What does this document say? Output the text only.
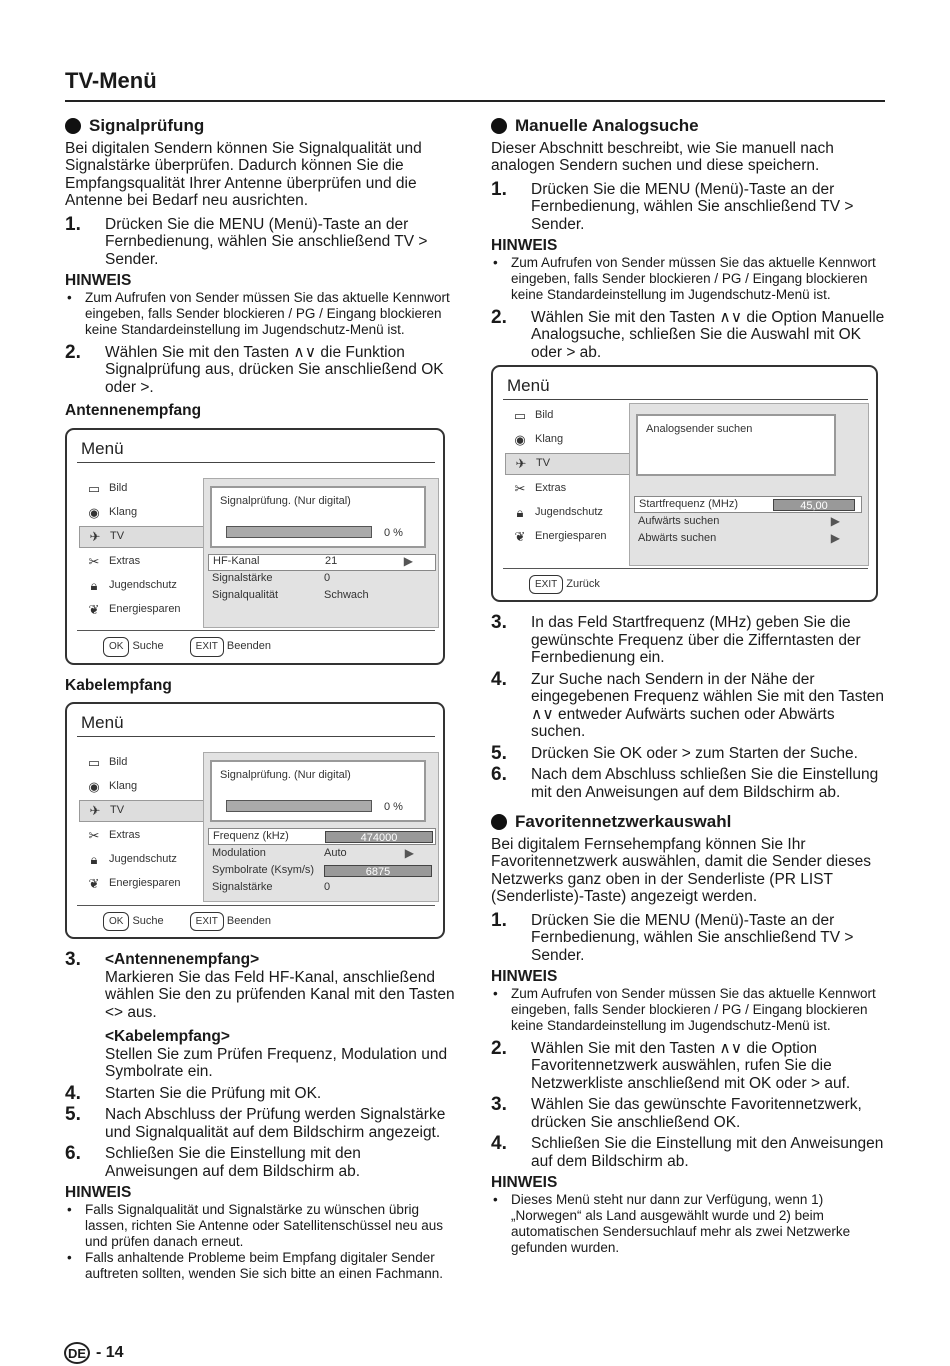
TV-Menü
Signalprüfung
Bei digitalen Sendern können Sie Signalqualität und Signalstärke überprüfen. Dadurch können Sie die Empfangsqualität Ihrer Antenne überprüfen und die Antenne bei Bedarf neu ausrichten.
1.	Drücken Sie die MENU (Menü)-Taste an der Fernbedienung, wählen Sie anschließend TV > Sender.
HINWEIS
• Zum Aufrufen von Sender müssen Sie das aktuelle Kennwort eingeben, falls Sender blockieren / PG / Eingang blockieren keine Standardeinstellung im Jugendschutz-Menü ist.
2.	Wählen Sie mit den Tasten ∧∨ die Funktion Signalprüfung aus, drücken Sie anschließend OK oder >.
Antennenempfang
Menü
▭ Bild
◉ Klang
✈ TV
✂ Extras
🔒︎	Jugendschutz
❦ Energiesparen
Signalprüfung. (Nur digital)
0 %
HF-Kanal	21	▶
Signalstärke	0
Signalqualität	Schwach
OK Suche	EXIT Beenden
Kabelempfang
Menü
▭ Bild
◉ Klang
✈ TV
✂ Extras
🔒︎	Jugendschutz
❦ Energiesparen
Signalprüfung. (Nur digital)
0 %
Frequenz (kHz)	474000
Modulation	Auto	▶
Symbolrate (Ksym/s)	6875
Signalstärke	0
OK Suche	EXIT Beenden
3.	<Antennenempfang>
Markieren Sie das Feld HF-Kanal, anschließend wählen Sie den zu prüfenden Kanal mit den Tasten <> aus.
<Kabelempfang>
Stellen Sie zum Prüfen Frequenz, Modulation und Symbolrate ein.
4.	Starten Sie die Prüfung mit OK.
5.	Nach Abschluss der Prüfung werden Signalstärke und Signalqualität auf dem Bildschirm angezeigt.
6.	Schließen Sie die Einstellung mit den Anweisungen auf dem Bildschirm ab.
HINWEIS
• Falls Signalqualität und Signalstärke zu wünschen übrig lassen, richten Sie Antenne oder Satellitenschüssel neu aus und prüfen danach erneut.
• Falls anhaltende Probleme beim Empfang digitaler Sender auftreten sollten, wenden Sie sich bitte an einen Fachmann.
Manuelle Analogsuche
Dieser Abschnitt beschreibt, wie Sie manuell nach analogen Sendern suchen und diese speichern.
1.	Drücken Sie die MENU (Menü)-Taste an der Fernbedienung, wählen Sie anschließend TV > Sender.
HINWEIS
• Zum Aufrufen von Sender müssen Sie das aktuelle Kennwort eingeben, falls Sender blockieren / PG / Eingang blockieren keine Standardeinstellung im Jugendschutz-Menü ist.
2.	Wählen Sie mit den Tasten ∧∨ die Option Manuelle Analogsuche, schließen Sie die Auswahl mit OK oder > ab.
Menü
▭ Bild
◉ Klang
✈ TV
✂ Extras
🔒︎	Jugendschutz
❦ Energiesparen
Analogsender suchen
Startfrequenz (MHz)	45,00
Aufwärts suchen	▶
Abwärts suchen	▶
EXIT Zurück
3.	In das Feld Startfrequenz (MHz) geben Sie die gewünschte Frequenz über die Zifferntasten der Fernbedienung ein.
4.	Zur Suche nach Sendern in der Nähe der eingegebenen Frequenz wählen Sie mit den Tasten ∧∨ entweder Aufwärts suchen oder Abwärts suchen.
5.	Drücken Sie OK oder > zum Starten der Suche.
6.	Nach dem Abschluss schließen Sie die Einstellung mit den Anweisungen auf dem Bildschirm ab.
Favoritennetzwerkauswahl
Bei digitalem Fernsehempfang können Sie Ihr Favoritennetzwerk auswählen, damit die Sender dieses Netzwerks ganz oben in der Senderliste (PR LIST (Senderliste)-Taste) angezeigt werden.
1.	Drücken Sie die MENU (Menü)-Taste an der Fernbedienung, wählen Sie anschließend TV > Sender.
HINWEIS
• Zum Aufrufen von Sender müssen Sie das aktuelle Kennwort eingeben, falls Sender blockieren / PG / Eingang blockieren keine Standardeinstellung im Jugendschutz-Menü ist.
2.	Wählen Sie mit den Tasten ∧∨ die Option Favoritennetzwerk auswählen, rufen Sie die Netzwerkliste anschließend mit OK oder > auf.
3.	Wählen Sie das gewünschte Favoritennetzwerk, drücken Sie anschließend OK.
4.	Schließen Sie die Einstellung mit den Anweisungen auf dem Bildschirm ab.
HINWEIS
• Dieses Menü steht nur dann zur Verfügung, wenn 1) „Norwegen“ als Land ausgewählt wurde und 2) beim automatischen Sendersuchlauf mehr als zwei Netzwerke gefunden wurden.
DE - 14
